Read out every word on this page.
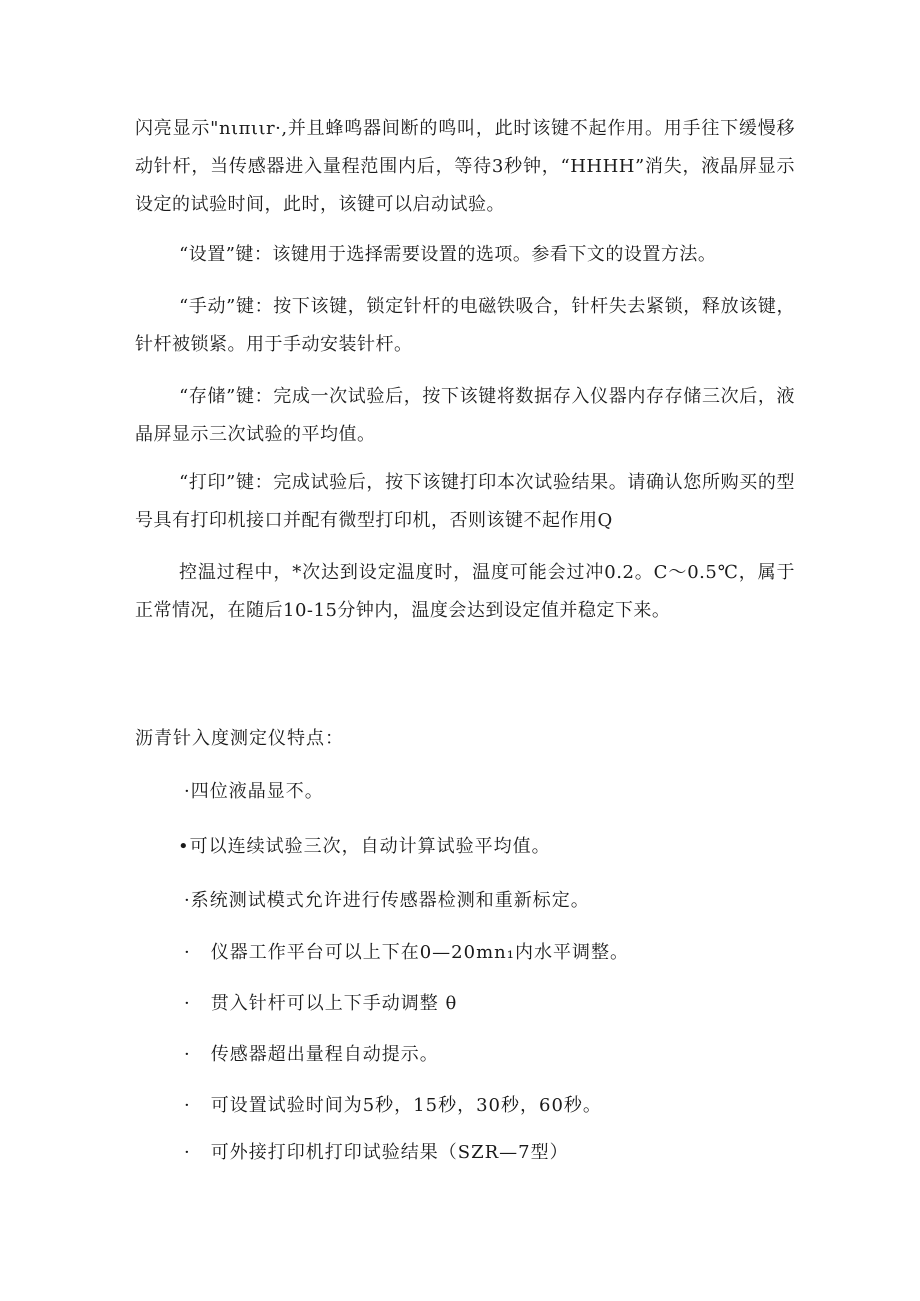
闪亮显示"nιπιιr·,并且蜂鸣器间断的鸣叫，此时该键不起作用。用手往下缓慢移动针杆，当传感器进入量程范围内后，等待3秒钟，“HHHH”消失，液晶屏显示设定的试验时间，此时，该键可以启动试验。

“设置”键：该键用于选择需要设置的选项。参看下文的设置方法。

“手动”键：按下该键，锁定针杆的电磁铁吸合，针杆失去紧锁，释放该键，针杆被锁紧。用于手动安装针杆。

“存储”键：完成一次试验后，按下该键将数据存入仪器内存存储三次后，液晶屏显示三次试验的平均值。

“打印”键：完成试验后，按下该键打印本次试验结果。请确认您所购买的型号具有打印机接口并配有微型打印机，否则该键不起作用Q

控温过程中，*次达到设定温度时，温度可能会过冲0.2。C～0.5℃，属于正常情况，在随后10-15分钟内，温度会达到设定值并稳定下来。

沥青针入度测定仪特点：

·四位液晶显不。

•可以连续试验三次，自动计算试验平均值。

·系统测试模式允许进行传感器检测和重新标定。

· 仪器工作平台可以上下在0—20mn₁内水平调整。

· 贯入针杆可以上下手动调整 θ

· 传感器超出量程自动提示。

· 可设置试验时间为5秒，15秒，30秒，60秒。

· 可外接打印机打印试验结果（SZR—7型）
